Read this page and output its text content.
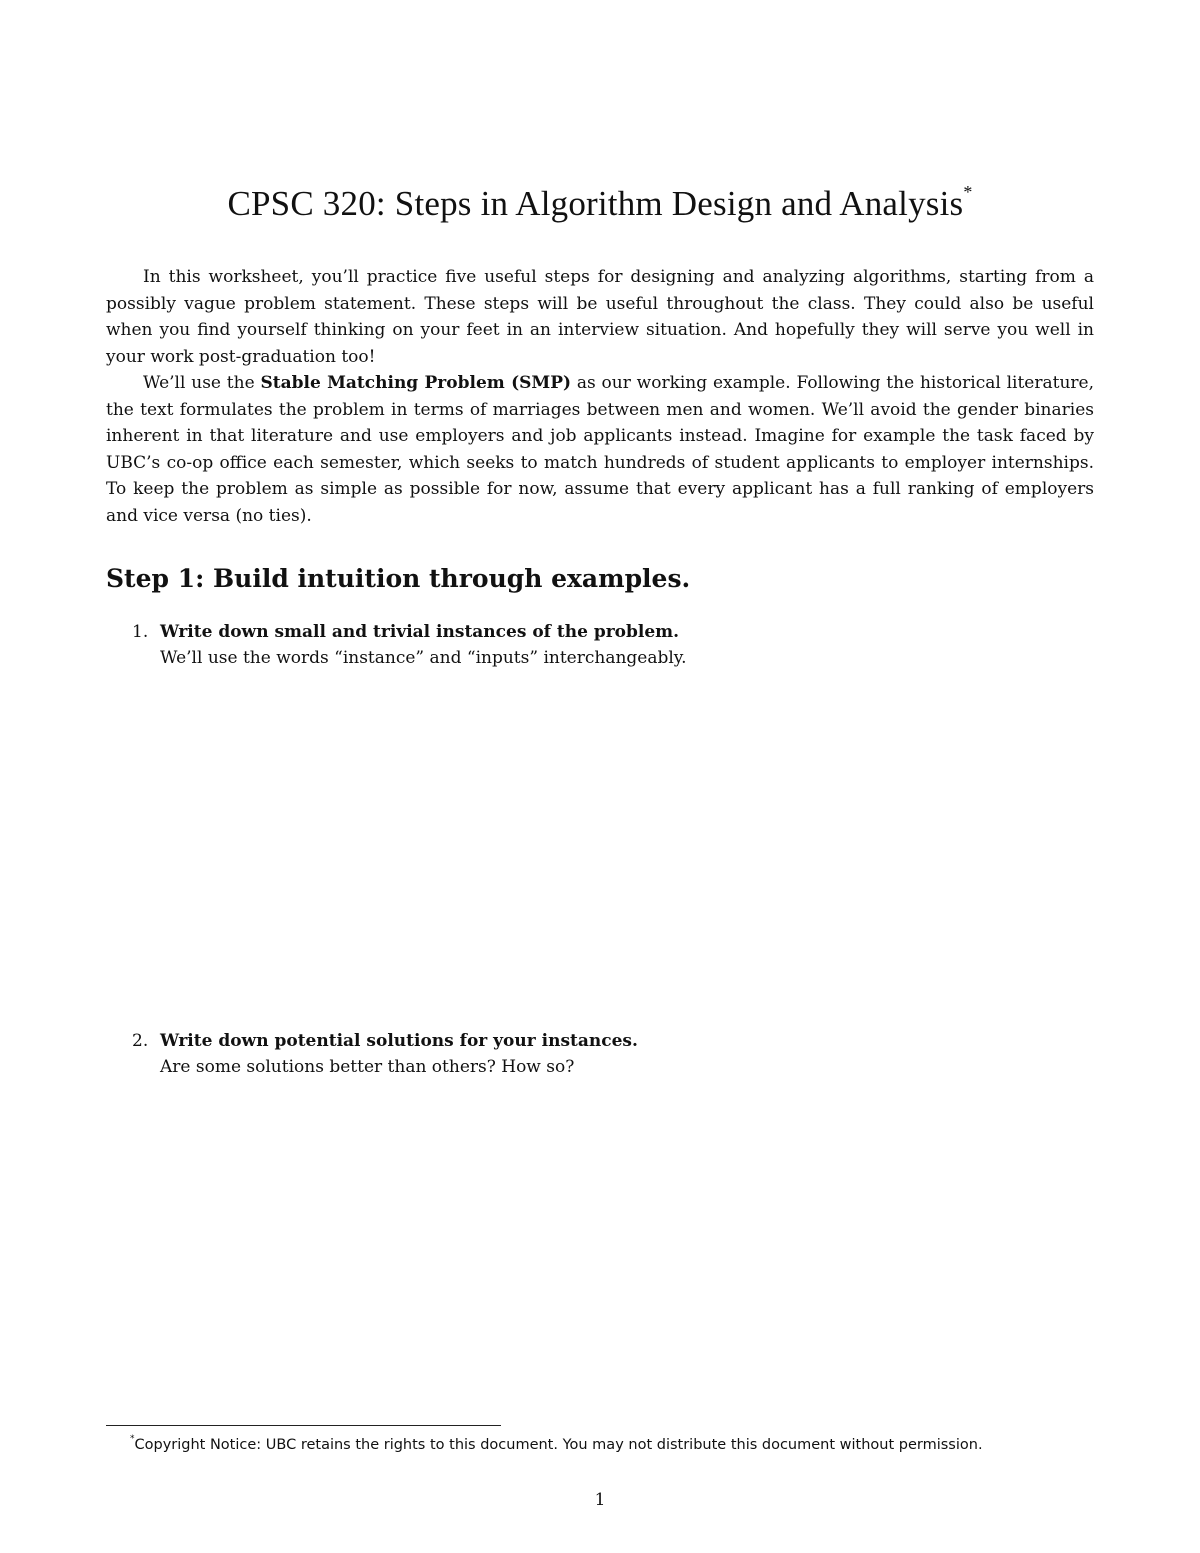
CPSC 320: Steps in Algorithm Design and Analysis*

In this worksheet, you’ll practice five useful steps for designing and analyzing algorithms, starting from a possibly vague problem statement. These steps will be useful throughout the class. They could also be useful when you find yourself thinking on your feet in an interview situation. And hopefully they will serve you well in your work post-graduation too!

We’ll use the Stable Matching Problem (SMP) as our working example. Following the historical literature, the text formulates the problem in terms of marriages between men and women. We’ll avoid the gender binaries inherent in that literature and use employers and job applicants instead. Imagine for example the task faced by UBC’s co-op office each semester, which seeks to match hundreds of student applicants to employer internships. To keep the problem as simple as possible for now, assume that every applicant has a full ranking of employers and vice versa (no ties).

Step 1: Build intuition through examples.
1. Write down small and trivial instances of the problem.
We’ll use the words “instance” and “inputs” interchangeably.
2. Write down potential solutions for your instances.
Are some solutions better than others? How so?
*Copyright Notice: UBC retains the rights to this document. You may not distribute this document without permission.
1
